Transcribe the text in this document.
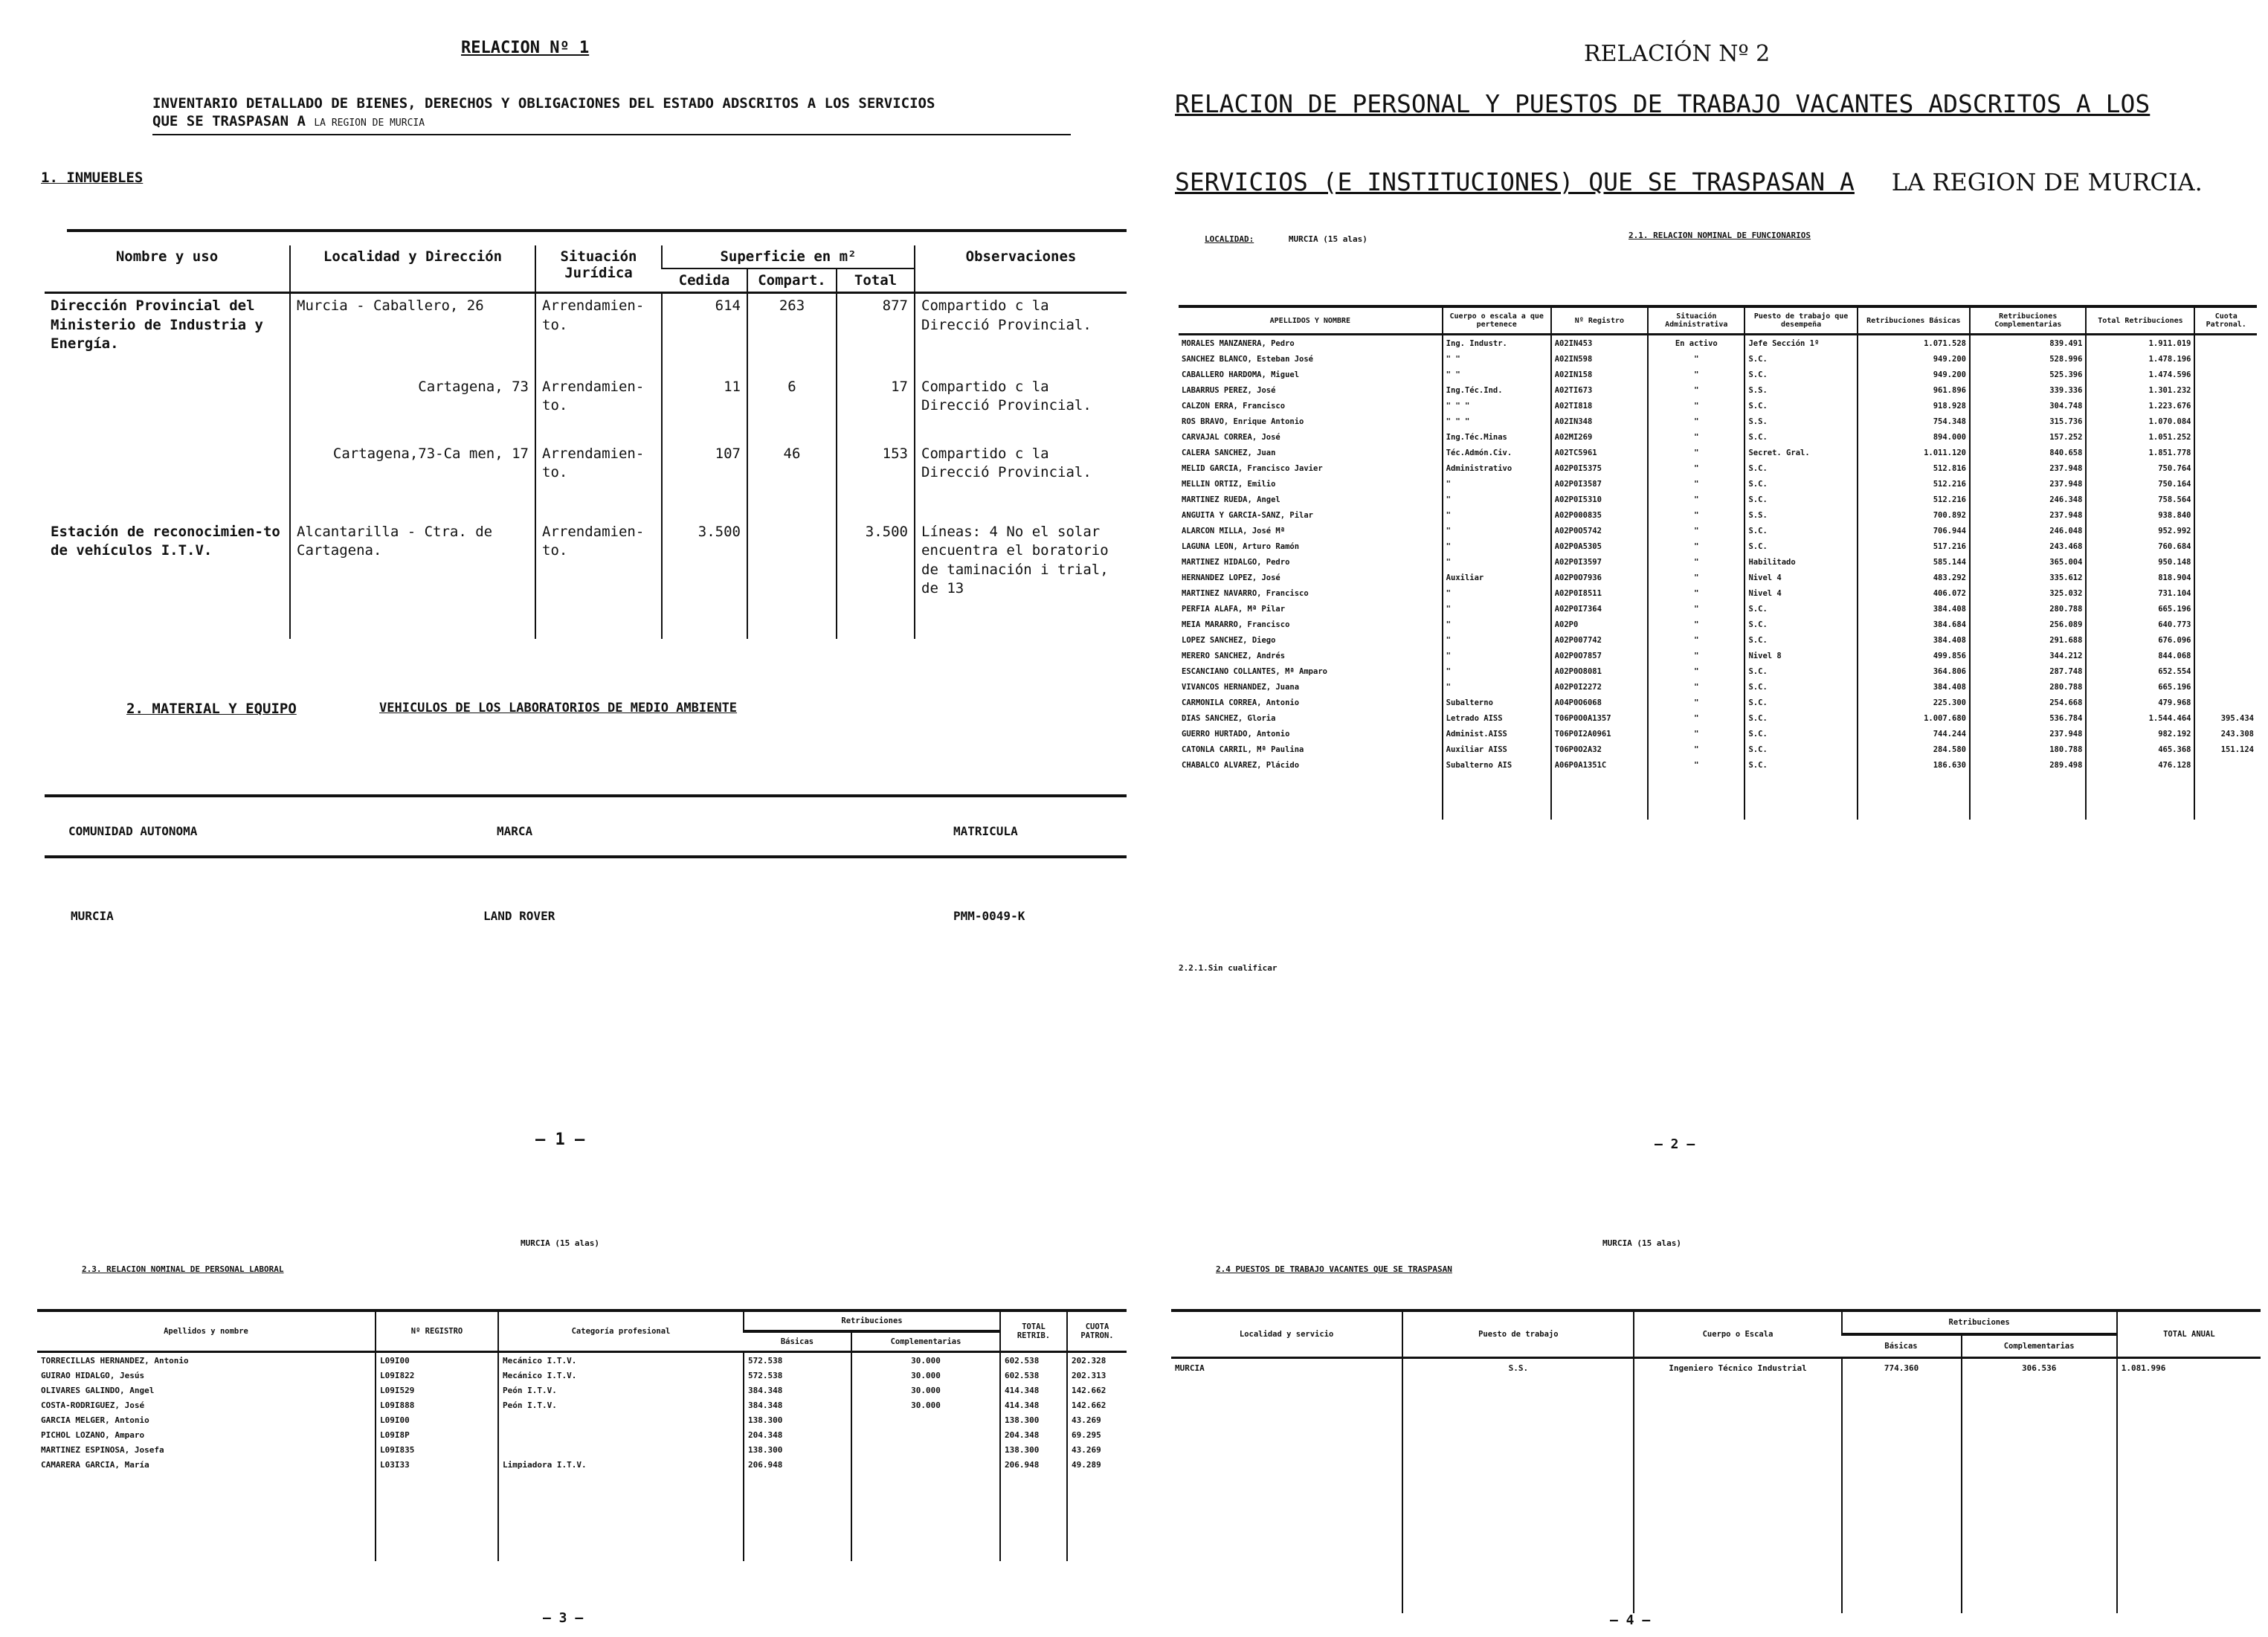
RELACION Nº 1
INVENTARIO DETALLADO DE BIENES, DERECHOS Y OBLIGACIONES DEL ESTADO ADSCRITOS A LOS SERVICIOS
QUE SE TRASPASAN A LA REGION DE MURCIA
1. INMUEBLES
Nombre y uso	Localidad y Dirección	Situación Jurídica	Superficie en m²			Observaciones
			Cedida	Compart.	Total	
Dirección Provincial del Ministerio de Industria y Energía.	Murcia - Caballero, 26	Arrendamien-to.	614	263	877	Compartido c la Direcció Provincial.
	Cartagena, 73	Arrendamien-to.	11	6	17	Compartido c la Direcció Provincial.
	Cartagena,73-Ca men, 17	Arrendamien-to.	107	46	153	Compartido c la Direcció Provincial.
Estación de reconocimien-to de vehículos I.T.V.	Alcantarilla - Ctra. de Cartagena.	Arrendamien-to.	3.500		3.500	Líneas: 4 No el solar encuentra el boratorio de taminación i trial, de 13
2. MATERIAL Y EQUIPO	VEHICULOS DE LOS LABORATORIOS DE MEDIO AMBIENTE
COMUNIDAD AUTONOMA	MARCA	MATRICULA
MURCIA	LAND ROVER	PMM-0049-K
— 1 —
RELACIÓN Nº 2
RELACION DE PERSONAL Y PUESTOS DE TRABAJO VACANTES ADSCRITOS A LOS
SERVICIOS (E INSTITUCIONES) QUE SE TRASPASAN A LA REGION DE MURCIA.
LOCALIDAD:	MURCIA (15 alas)	2.1. RELACION NOMINAL DE FUNCIONARIOS
APELLIDOS Y NOMBRE	Cuerpo o escala a que pertenece	Nº Registro	Situación Administrativa	Puesto de trabajo que desempeña	Retribuciones Básicas	Retribuciones Complementarias	Total Retribuciones	Cuota Patronal.
MORALES MANZANERA, Pedro	Ing. Industr.	A02IN453	En activo	Jefe Sección 1º	1.071.528	839.491	1.911.019	
SANCHEZ BLANCO, Esteban José	" "	A02IN598	"	S.C.	949.200	528.996	1.478.196	
CABALLERO HARDOMA, Miguel	" "	A02IN158	"	S.C.	949.200	525.396	1.474.596	
LABARRUS PEREZ, José	Ing.Téc.Ind.	A02TI673	"	S.S.	961.896	339.336	1.301.232	
CALZON ERRA, Francisco	" " "	A02TI818	"	S.C.	918.928	304.748	1.223.676	
ROS BRAVO, Enrique Antonio	" " "	A02IN348	"	S.S.	754.348	315.736	1.070.084	
CARVAJAL CORREA, José	Ing.Téc.Minas	A02MI269	"	S.C.	894.000	157.252	1.051.252	
CALERA SANCHEZ, Juan	Téc.Admón.Civ.	A02TC5961	"	Secret. Gral.	1.011.120	840.658	1.851.778	
MELID GARCIA, Francisco Javier	Administrativo	A02P0I5375	"	S.C.	512.816	237.948	750.764	
MELLIN ORTIZ, Emilio	"	A02P0I3587	"	S.C.	512.216	237.948	750.164	
MARTINEZ RUEDA, Angel	"	A02P0I5310	"	S.C.	512.216	246.348	758.564	
ANGUITA Y GARCIA-SANZ, Pilar	"	A02P000835	"	S.S.	700.892	237.948	938.840	
ALARCON MILLA, José Mª	"	A02P0O5742	"	S.C.	706.944	246.048	952.992	
LAGUNA LEON, Arturo Ramón	"	A02P0A5305	"	S.C.	517.216	243.468	760.684	
MARTINEZ HIDALGO, Pedro	"	A02P0I3597	"	Habilitado	585.144	365.004	950.148	
HERNANDEZ LOPEZ, José	Auxiliar	A02P0O7936	"	Nivel 4	483.292	335.612	818.904	
MARTINEZ NAVARRO, Francisco	"	A02P0I8511	"	Nivel 4	406.072	325.032	731.104	
PERFIA ALAFA, Mª Pilar	"	A02P0I7364	"	S.C.	384.408	280.788	665.196	
MEIA MARARRO, Francisco	"	A02P0	"	S.C.	384.684	256.089	640.773	
LOPEZ SANCHEZ, Diego	"	A02P007742	"	S.C.	384.408	291.688	676.096	
MERERO SANCHEZ, Andrés	"	A02P0O7857	"	Nivel 8	499.856	344.212	844.068	
ESCANCIANO COLLANTES, Mª Amparo	"	A02P0O8081	"	S.C.	364.806	287.748	652.554	
VIVANCOS HERNANDEZ, Juana	"	A02P0I2272	"	S.C.	384.408	280.788	665.196	
CARMONILA CORREA, Antonio	Subalterno	A04P0O6068	"	S.C.	225.300	254.668	479.968	
DIAS SANCHEZ, Gloria	Letrado AISS	T06P0O0A1357	"	S.C.	1.007.680	536.784	1.544.464	395.434
GUERRO HURTADO, Antonio	Administ.AISS	T06P0I2A0961	"	S.C.	744.244	237.948	982.192	243.308
CATONLA CARRIL, Mª Paulina	Auxiliar AISS	T06P0O2A32	"	S.C.	284.580	180.788	465.368	151.124
CHABALCO ALVAREZ, Plácido	Subalterno AIS	A06P0A1351C	"	S.C.	186.630	289.498	476.128	

2.2.1.Sin cualificar
— 2 —
MURCIA (15 alas)
2.3. RELACION NOMINAL DE PERSONAL LABORAL
Apellidos y nombre	Nº REGISTRO	Categoría profesional	Retribuciones		TOTAL RETRIB.	CUOTA PATRON.
			Básicas	Complementarias		
TORRECILLAS HERNANDEZ, Antonio	L09I00	Mecánico I.T.V.	572.538	30.000	602.538	202.328
GUIRAO HIDALGO, Jesús	L09I822	Mecánico I.T.V.	572.538	30.000	602.538	202.313
OLIVARES GALINDO, Angel	L09I529	Peón I.T.V.	384.348	30.000	414.348	142.662
COSTA-RODRIGUEZ, José	L09I888	Peón I.T.V.	384.348	30.000	414.348	142.662
GARCIA MELGER, Antonio	L09I00		138.300		138.300	43.269
PICHOL LOZANO, Amparo	L09I8P		204.348		204.348	69.295
MARTINEZ ESPINOSA, Josefa	L09I835		138.300		138.300	43.269
CAMARERA GARCIA, María	L03I33	Limpiadora I.T.V.	206.948		206.948	49.289

— 3 —
MURCIA (15 alas)
2.4 PUESTOS DE TRABAJO VACANTES QUE SE TRASPASAN
Localidad y servicio	Puesto de trabajo	Cuerpo o Escala	Retribuciones		TOTAL ANUAL
			Básicas	Complementarias	
MURCIA	S.S.	Ingeniero Técnico Industrial	774.360	306.536	1.081.996
— 4 —
